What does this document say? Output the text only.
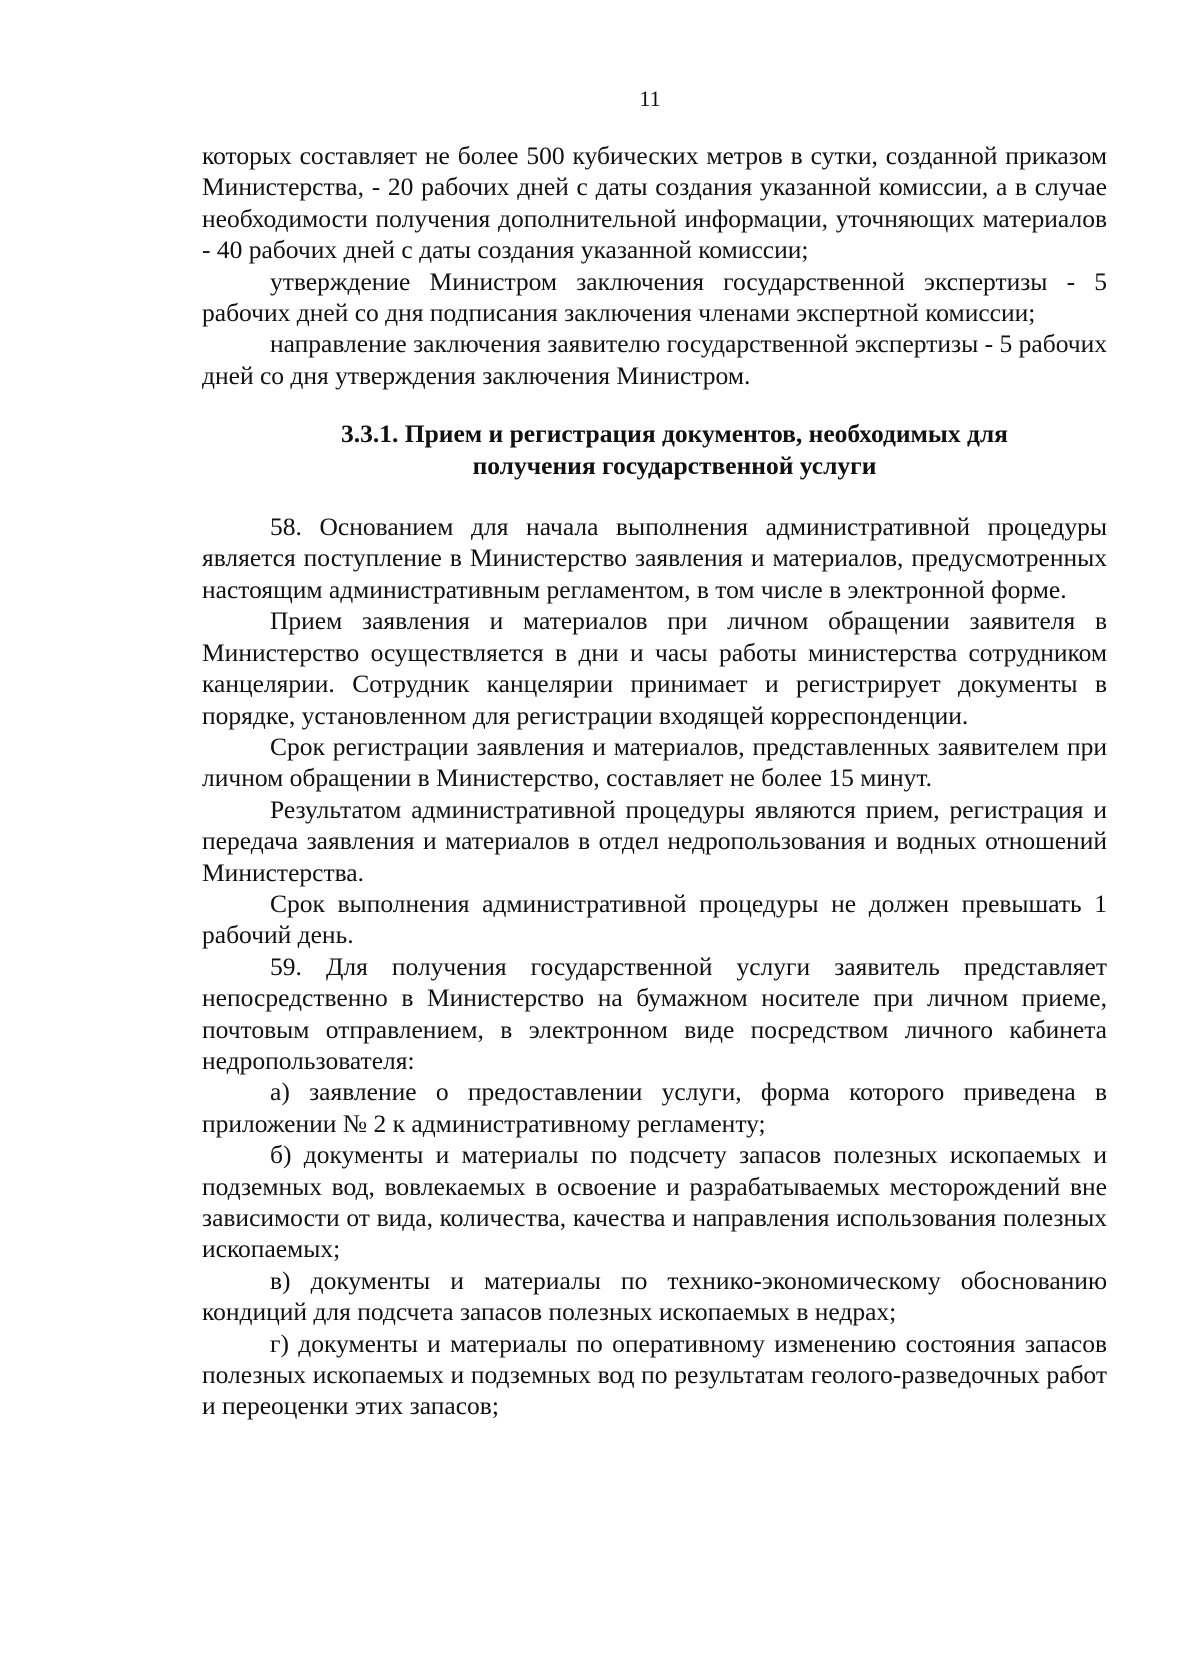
11

которых составляет не более 500 кубических метров в сутки, созданной приказом Министерства, - 20 рабочих дней с даты создания указанной комиссии, а в случае необходимости получения дополнительной информации, уточняющих материалов - 40 рабочих дней с даты создания указанной комиссии;

утверждение Министром заключения государственной экспертизы - 5 рабочих дней со дня подписания заключения членами экспертной комиссии;

направление заключения заявителю государственной экспертизы - 5 рабочих дней со дня утверждения заключения Министром.

3.3.1. Прием и регистрация документов, необходимых для
получения государственной услуги

58. Основанием для начала выполнения административной процедуры является поступление в Министерство заявления и материалов, предусмотренных настоящим административным регламентом, в том числе в электронной форме.

Прием заявления и материалов при личном обращении заявителя в Министерство осуществляется в дни и часы работы министерства сотрудником канцелярии. Сотрудник канцелярии принимает и регистрирует документы в порядке, установленном для регистрации входящей корреспонденции.

Срок регистрации заявления и материалов, представленных заявителем при личном обращении в Министерство, составляет не более 15 минут.

Результатом административной процедуры являются прием, регистрация и передача заявления и материалов в отдел недропользования и водных отношений Министерства.

Срок выполнения административной процедуры не должен превышать 1 рабочий день.

59. Для получения государственной услуги заявитель представляет непосредственно в Министерство на бумажном носителе при личном приеме, почтовым отправлением, в электронном виде посредством личного кабинета недропользователя:

а) заявление о предоставлении услуги, форма которого приведена в приложении № 2 к административному регламенту;

б) документы и материалы по подсчету запасов полезных ископаемых и подземных вод, вовлекаемых в освоение и разрабатываемых месторождений вне зависимости от вида, количества, качества и направления использования полезных ископаемых;

в) документы и материалы по технико-экономическому обоснованию кондиций для подсчета запасов полезных ископаемых в недрах;

г) документы и материалы по оперативному изменению состояния запасов полезных ископаемых и подземных вод по результатам геолого-разведочных работ и переоценки этих запасов;
